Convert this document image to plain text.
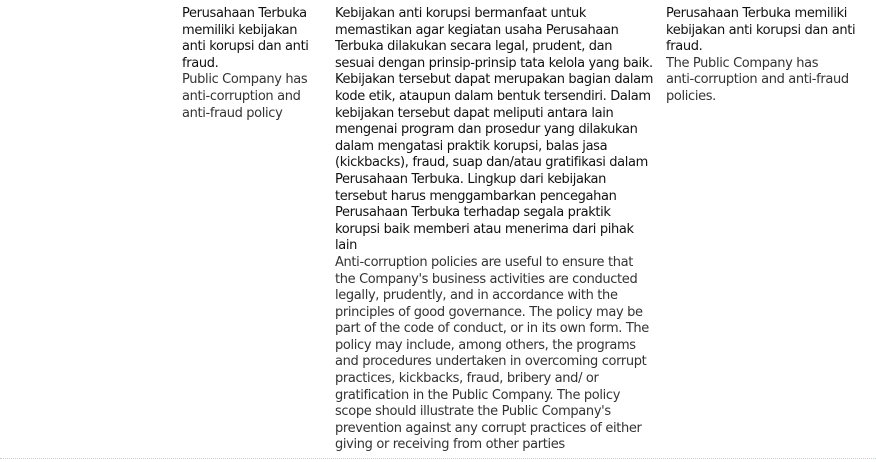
Perusahaan Terbuka
memiliki kebijakan
anti korupsi dan anti
fraud.

Public Company has
anti-corruption and
anti-fraud policy

Kebijakan anti korupsi bermanfaat untuk memastikan agar kegiatan usaha Perusahaan Terbuka dilakukan secara legal, prudent, dan sesuai dengan prinsip-prinsip tata kelola yang baik. Kebijakan tersebut dapat merupakan bagian dalam kode etik, ataupun dalam bentuk tersendiri. Dalam kebijakan tersebut dapat meliputi antara lain mengenai program dan prosedur yang dilakukan dalam mengatasi praktik korupsi, balas jasa (kickbacks), fraud, suap dan/atau gratifikasi dalam Perusahaan Terbuka. Lingkup dari kebijakan tersebut harus menggambarkan pencegahan Perusahaan Terbuka terhadap segala praktik korupsi baik memberi atau menerima dari pihak lain

Anti-corruption policies are useful to ensure that the Company's business activities are conducted legally, prudently, and in accordance with the principles of good governance. The policy may be part of the code of conduct, or in its own form. The policy may include, among others, the programs and procedures undertaken in overcoming corrupt practices, kickbacks, fraud, bribery and/ or gratification in the Public Company. The policy scope should illustrate the Public Company's prevention against any corrupt practices of either giving or receiving from other parties

Perusahaan Terbuka memiliki
kebijakan anti korupsi dan anti
fraud.

The Public Company has
anti-corruption and anti-fraud
policies.
